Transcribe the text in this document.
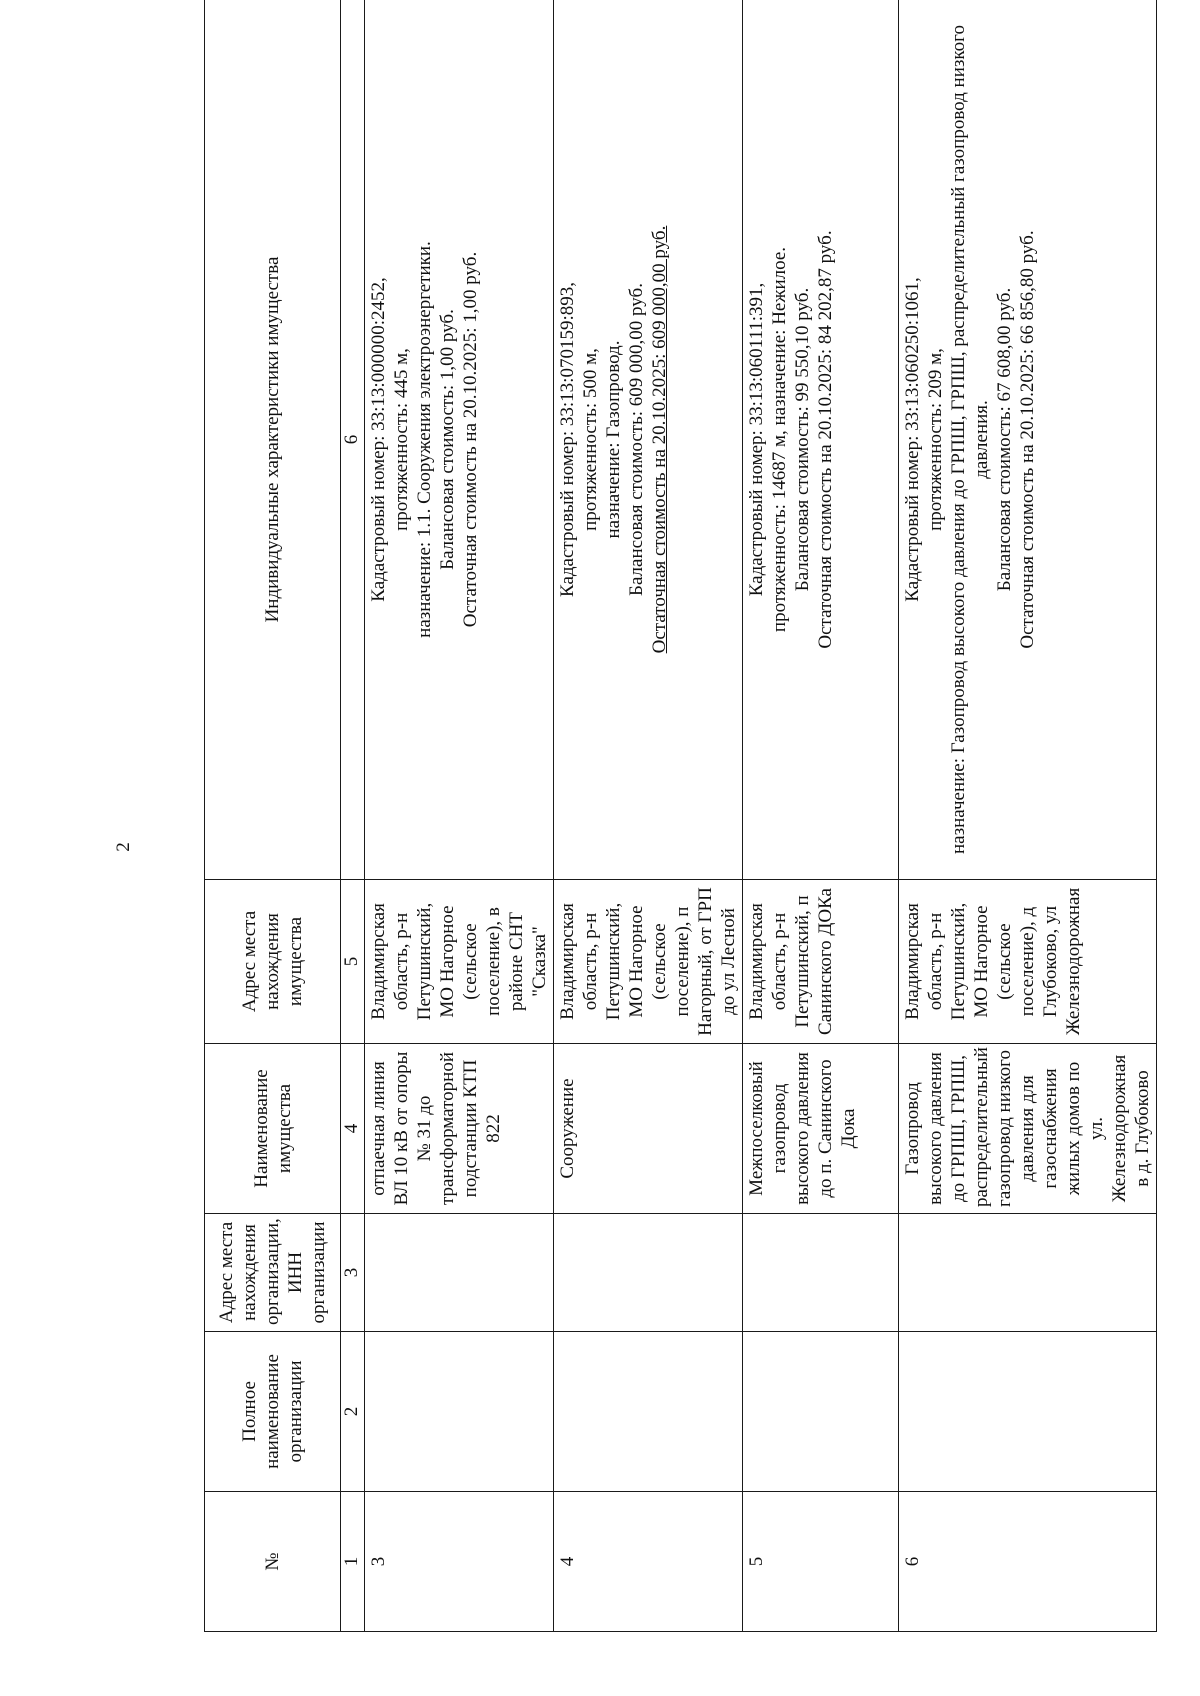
2
№	Полное наименование организации	Адрес места нахождения организации, ИНН организации	Наименование имущества	Адрес места нахождения имущества	Индивидуальные характеристики имущества
1	2	3	4	5	6
3			отпаечная линия ВЛ 10 кВ от опоры № 31 до трансформаторной подстанции КТП 822	Владимирская область, р-н Петушинский, МО Нагорное (сельское поселение), в районе СНТ "Сказка"	Кадастровый номер: 33:13:000000:2452, протяженность: 445 м, назначение: 1.1. Сооружения электроэнергетики. Балансовая стоимость: 1,00 руб. Остаточная стоимость на 20.10.2025: 1,00 руб.

4			Сооружение	Владимирская область, р-н Петушинский, МО Нагорное (сельское поселение), п Нагорный, от ГРП до ул Лесной	Кадастровый номер: 33:13:070159:893, протяженность: 500 м, назначение: Газопровод. Балансовая стоимость: 609 000,00 руб. Остаточная стоимость на 20.10.2025: 609 000,00 руб.

5			Межпоселковый газопровод высокого давления до п. Санинского Дока	Владимирская область, р-н Петушинский, п Санинского ДОКа	Кадастровый номер: 33:13:060111:391, протяженность: 14687 м, назначение: Нежилое. Балансовая стоимость: 99 550,10 руб. Остаточная стоимость на 20.10.2025: 84 202,87 руб.

6			Газопровод высокого давления до ГРПШ, ГРПШ, распределительный газопровод низкого давления для газоснабжения жилых домов по ул. Железнодорожная в д. Глубоково	Владимирская область, р-н Петушинский, МО Нагорное (сельское поселение), д Глубоково, ул Железнодорожная	Кадастровый номер: 33:13:060250:1061, протяженность: 209 м, назначение: Газопровод высокого давления до ГРПШ, ГРПШ, распределительный газопровод низкого давления. Балансовая стоимость: 67 608,00 руб. Остаточная стоимость на 20.10.2025: 66 856,80 руб.
